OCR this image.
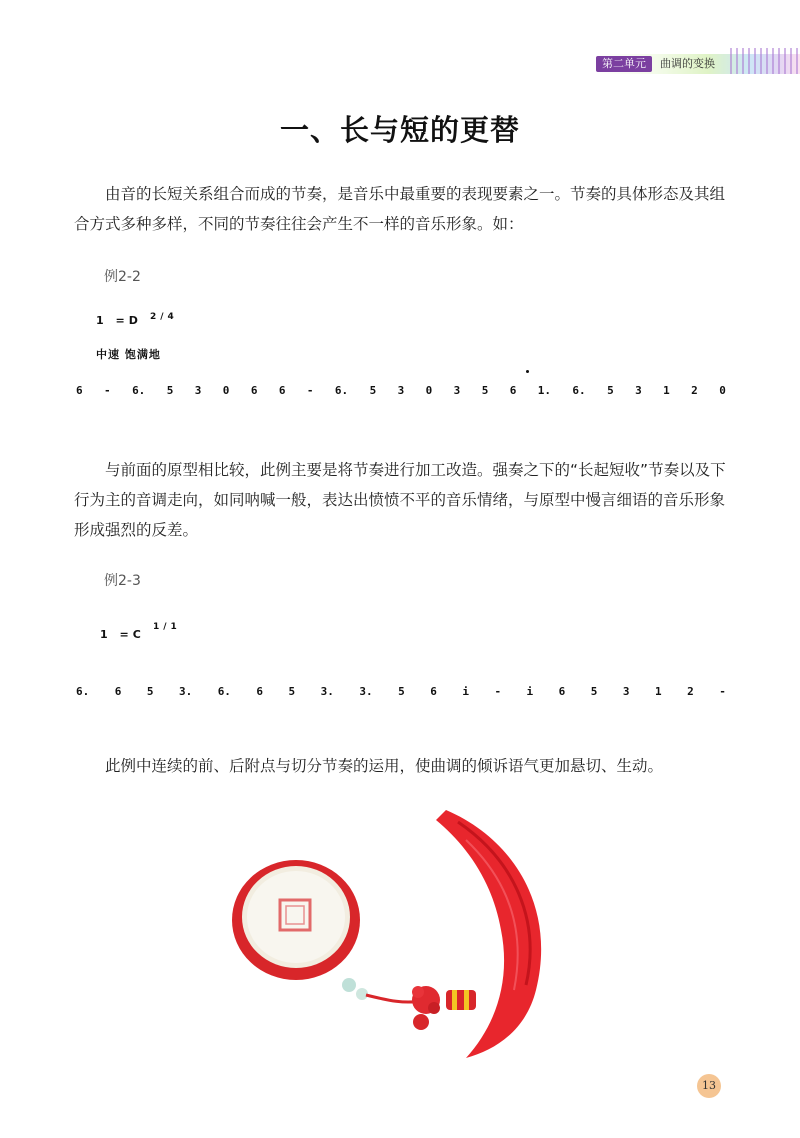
第二单元	曲调的变换
一、长与短的更替

由音的长短关系组合而成的节奏，是音乐中最重要的表现要素之一。节奏的具体形态及其组合方式多种多样，不同的节奏往往会产生不一样的音乐形象。如：

例2-2
1 =D 2/4
中速 饱满地
6 - 6. 5 3 0 6 6 - 6. 5 3 0 3 5 6 1. 6. 5 3 1 2 0

与前面的原型相比较，此例主要是将节奏进行加工改造。强奏之下的“长起短收”节奏以及下行为主的音调走向，如同呐喊一般，表达出愤愤不平的音乐情绪，与原型中慢言细语的音乐形象形成强烈的反差。

例2-3
1 =C
1/1
6. 6 5 3. 6. 6 5 3. 3. 5 6 i - i 6 5 3 1 2 -

此例中连续的前、后附点与切分节奏的运用，使曲调的倾诉语气更加悬切、生动。

13
